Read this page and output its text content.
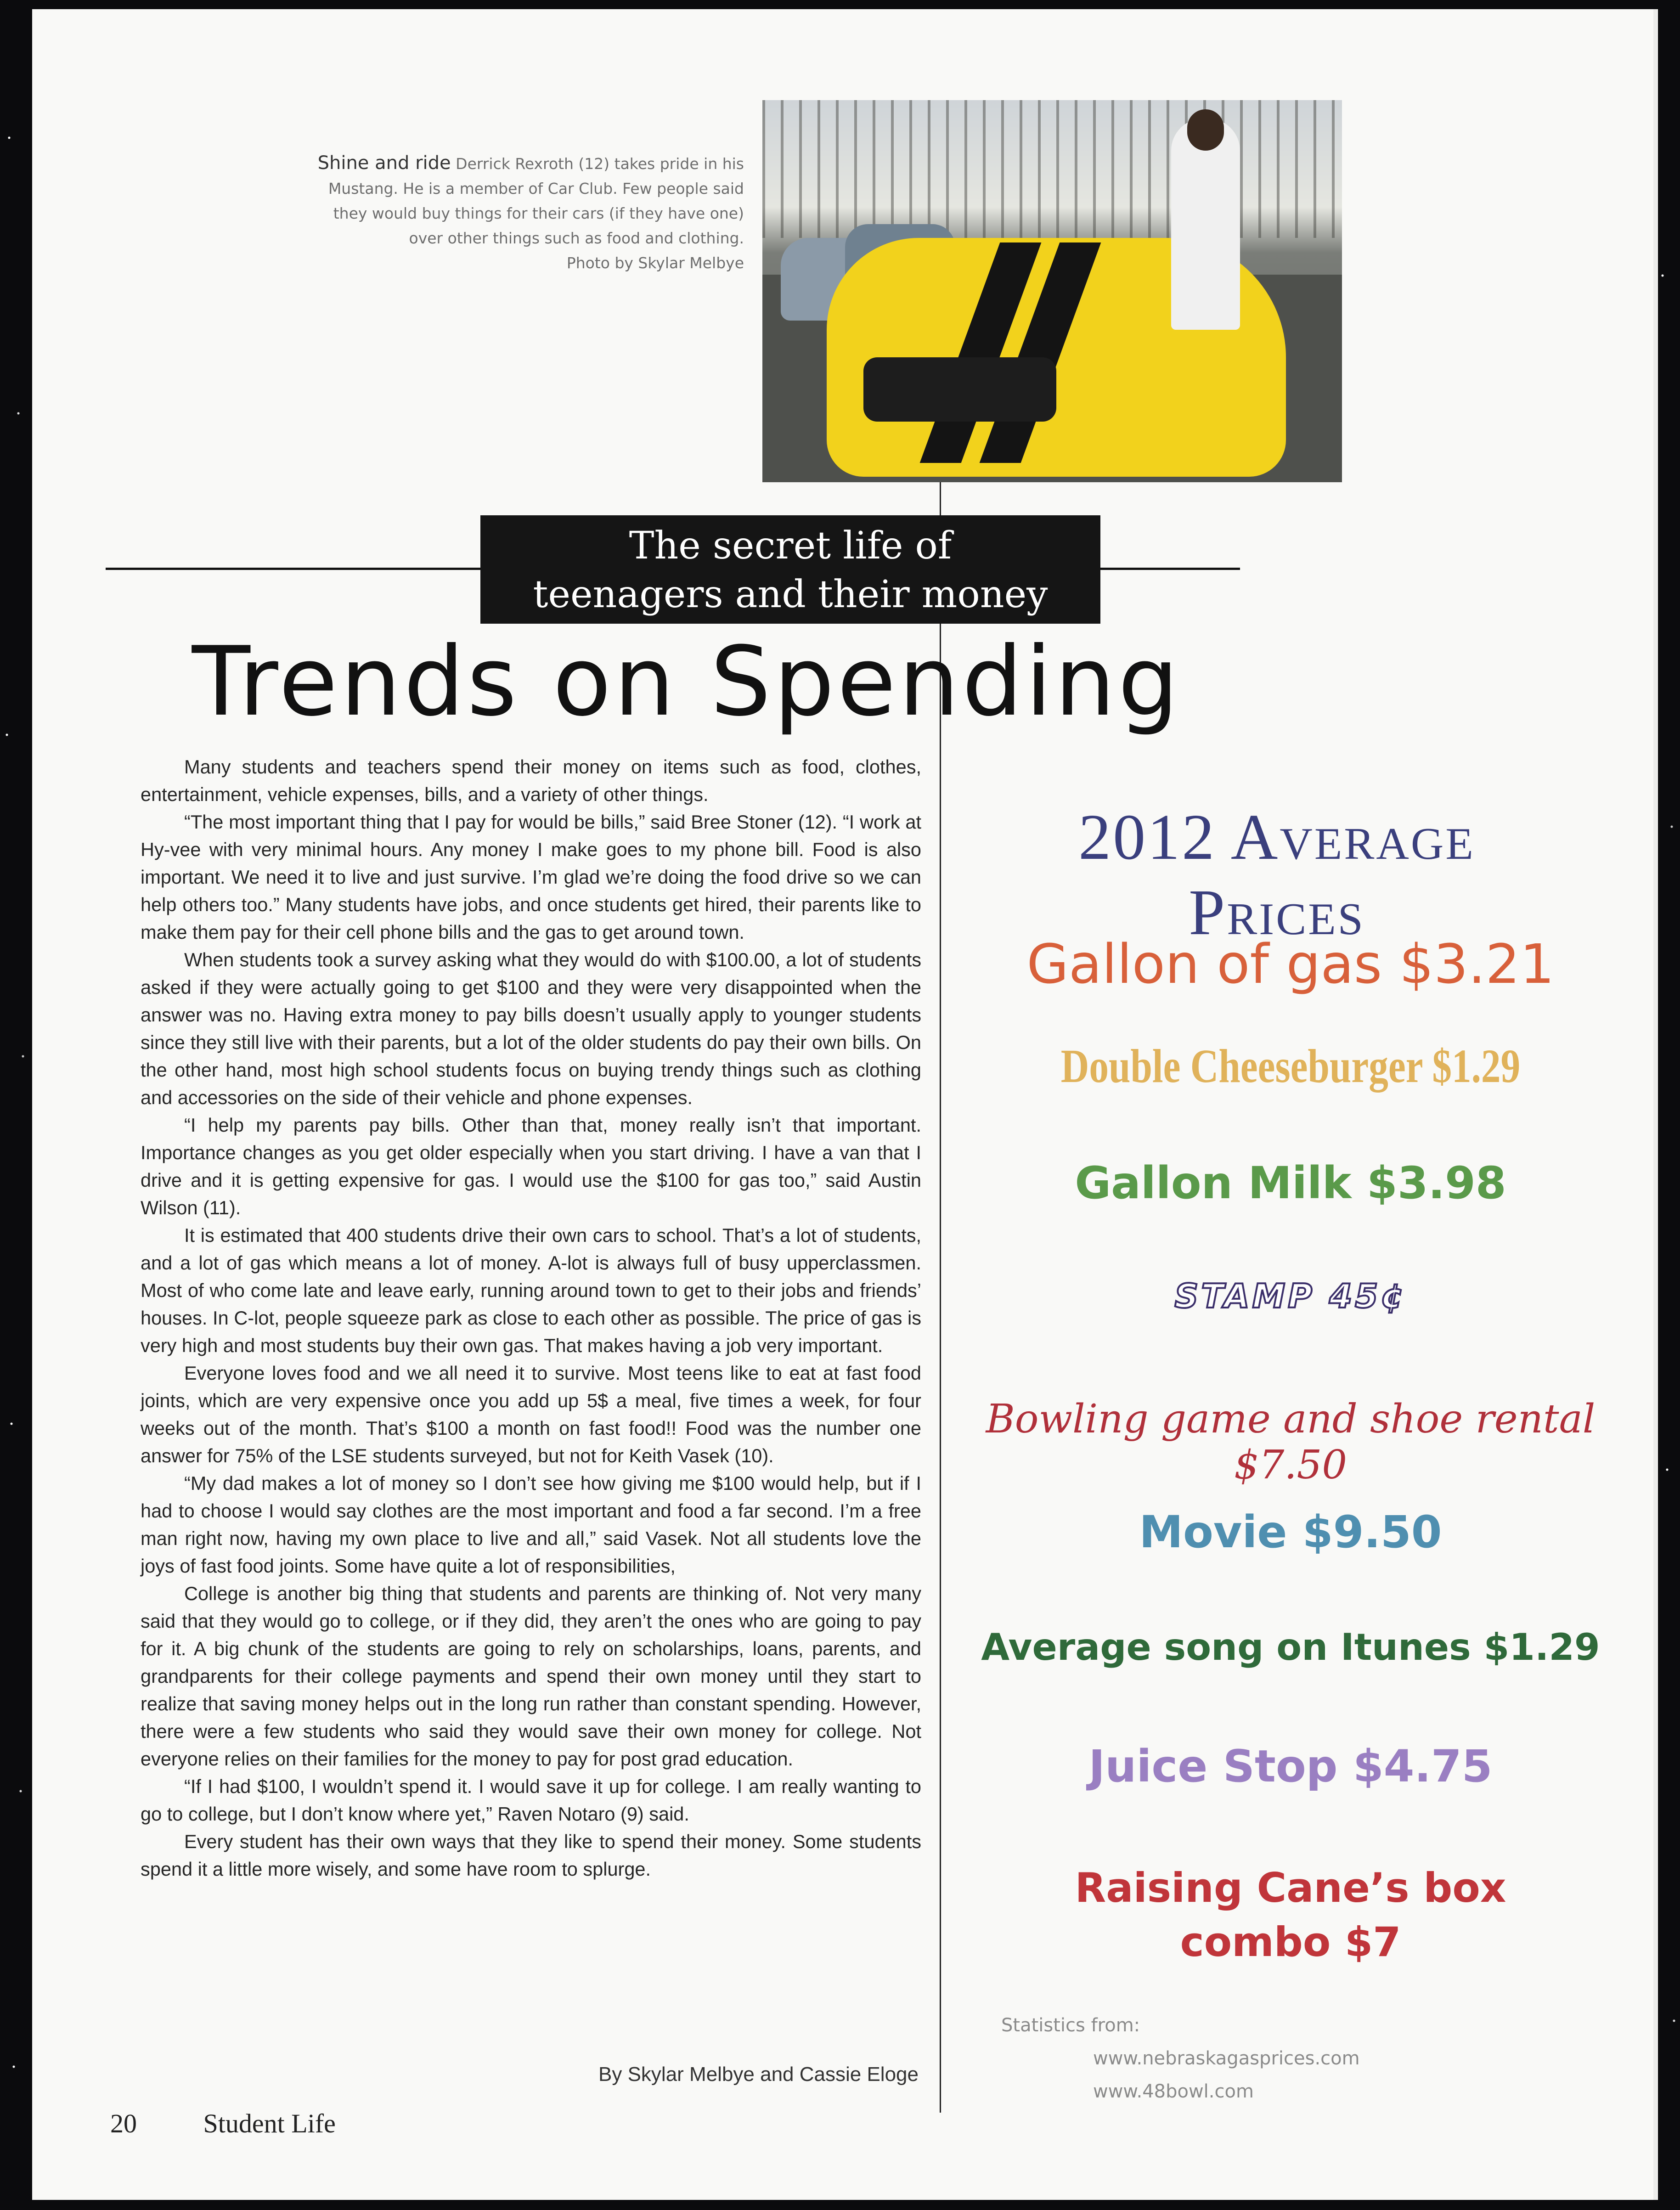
Shine and ride Derrick Rexroth (12) takes pride in his Mustang. He is a member of Car Club. Few people said they would buy things for their cars (if they have one) over other things such as food and clothing.
Photo by Skylar Melbye
The secret life of
teenagers and their money
Trends on Spending

Many students and teachers spend their money on items such as food, clothes, entertainment, vehicle expenses, bills, and a variety of other things.

“The most important thing that I pay for would be bills,” said Bree Stoner (12). “I work at Hy-vee with very minimal hours. Any money I make goes to my phone bill. Food is also important. We need it to live and just survive. I’m glad we’re doing the food drive so we can help others too.” Many students have jobs, and once students get hired, their parents like to make them pay for their cell phone bills and the gas to get around town.

When students took a survey asking what they would do with $100.00, a lot of students asked if they were actually going to get $100 and they were very disappointed when the answer was no. Having extra money to pay bills doesn’t usually apply to younger students since they still live with their parents, but a lot of the older students do pay their own bills. On the other hand, most high school students focus on buying trendy things such as clothing and accessories on the side of their vehicle and phone expenses.

“I help my parents pay bills. Other than that, money really isn’t that important. Importance changes as you get older especially when you start driving. I have a van that I drive and it is getting expensive for gas. I would use the $100 for gas too,” said Austin Wilson (11).

It is estimated that 400 students drive their own cars to school. That’s a lot of students, and a lot of gas which means a lot of money. A-lot is always full of busy upperclassmen. Most of who come late and leave early, running around town to get to their jobs and friends’ houses. In C-lot, people squeeze park as close to each other as possible. The price of gas is very high and most students buy their own gas. That makes having a job very important.

Everyone loves food and we all need it to survive. Most teens like to eat at fast food joints, which are very expensive once you add up 5$ a meal, five times a week, for four weeks out of the month. That’s $100 a month on fast food!! Food was the number one answer for 75% of the LSE students surveyed, but not for Keith Vasek (10).

“My dad makes a lot of money so I don’t see how giving me $100 would help, but if I had to choose I would say clothes are the most important and food a far second. I’m a free man right now, having my own place to live and all,” said Vasek. Not all students love the joys of fast food joints. Some have quite a lot of responsibilities,

College is another big thing that students and parents are thinking of. Not very many said that they would go to college, or if they did, they aren’t the ones who are going to pay for it. A big chunk of the students are going to rely on scholarships, loans, parents, and grandparents for their college payments and spend their own money until they start to realize that saving money helps out in the long run rather than constant spending. However, there were a few students who said they would save their own money for college. Not everyone relies on their families for the money to pay for post grad education.

“If I had $100, I wouldn’t spend it. I would save it up for college. I am really wanting to go to college, but I don’t know where yet,” Raven Notaro (9) said.

Every student has their own ways that they like to spend their money. Some students spend it a little more wisely, and some have room to splurge.

By Skylar Melbye and Cassie Eloge
2012 Average Prices
Gallon of gas $3.21
Double Cheeseburger $1.29
Gallon Milk $3.98
STAMP 45¢
Bowling game and shoe rental $7.50
Movie $9.50
Average song on Itunes $1.29
Juice Stop $4.75
Raising Cane’s box combo $7
Statistics from:
www.nebraskagasprices.com
www.48bowl.com
20 Student Life
